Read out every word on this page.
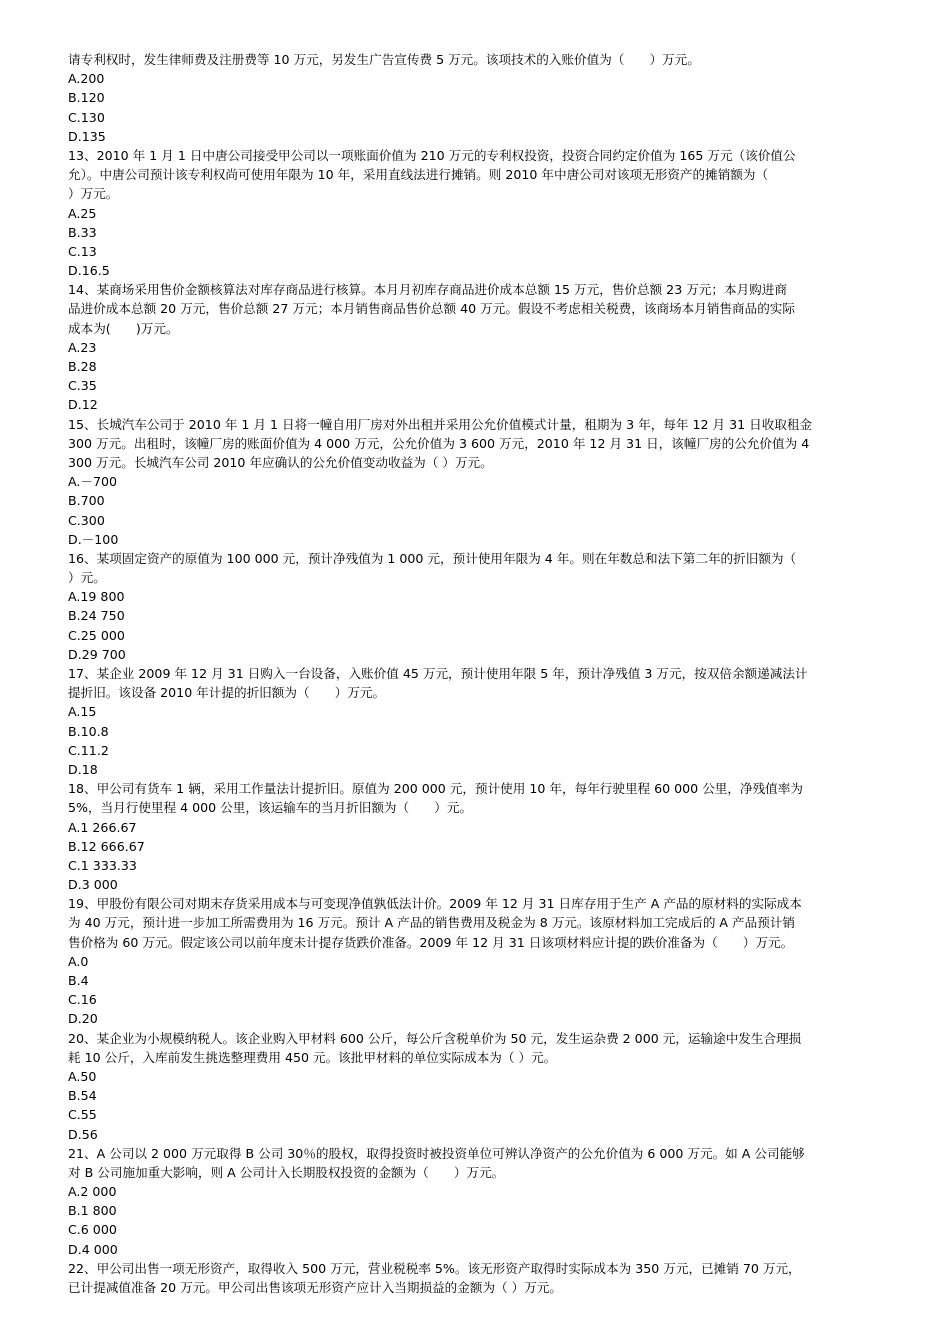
请专利权时，发生律师费及注册费等 10 万元，另发生广告宣传费 5 万元。该项技术的入账价值为（　　）万元。
A.200
B.120
C.130
D.135
13、2010 年 1 月 1 日中唐公司接受甲公司以一项账面价值为 210 万元的专利权投资，投资合同约定价值为 165 万元（该价值公
允）。中唐公司预计该专利权尚可使用年限为 10 年，采用直线法进行摊销。则 2010 年中唐公司对该项无形资产的摊销额为（
）万元。
A.25
B.33
C.13
D.16.5
14、某商场采用售价金额核算法对库存商品进行核算。本月月初库存商品进价成本总额 15 万元，售价总额 23 万元；本月购进商
品进价成本总额 20 万元，售价总额 27 万元；本月销售商品售价总额 40 万元。假设不考虑相关税费，该商场本月销售商品的实际
成本为(　　)万元。
A.23
B.28
C.35
D.12
15、长城汽车公司于 2010 年 1 月 1 日将一幢自用厂房对外出租并采用公允价值模式计量，租期为 3 年，每年 12 月 31 日收取租金
300 万元。出租时，该幢厂房的账面价值为 4 000 万元，公允价值为 3 600 万元，2010 年 12 月 31 日，该幢厂房的公允价值为 4
300 万元。长城汽车公司 2010 年应确认的公允价值变动收益为（ ）万元。
A.－700
B.700
C.300
D.－100
16、某项固定资产的原值为 100 000 元，预计净残值为 1 000 元，预计使用年限为 4 年。则在年数总和法下第二年的折旧额为（
）元。
A.19 800
B.24 750
C.25 000
D.29 700
17、某企业 2009 年 12 月 31 日购入一台设备，入账价值 45 万元，预计使用年限 5 年，预计净残值 3 万元，按双倍余额递减法计
提折旧。该设备 2010 年计提的折旧额为（　　）万元。
A.15
B.10.8
C.11.2
D.18
18、甲公司有货车 1 辆，采用工作量法计提折旧。原值为 200 000 元，预计使用 10 年，每年行驶里程 60 000 公里，净残值率为
5%，当月行使里程 4 000 公里，该运输车的当月折旧额为（　　）元。
A.1 266.67
B.12 666.67
C.1 333.33
D.3 000
19、甲股份有限公司对期末存货采用成本与可变现净值孰低法计价。2009 年 12 月 31 日库存用于生产 A 产品的原材料的实际成本
为 40 万元，预计进一步加工所需费用为 16 万元。预计 A 产品的销售费用及税金为 8 万元。该原材料加工完成后的 A 产品预计销
售价格为 60 万元。假定该公司以前年度未计提存货跌价准备。2009 年 12 月 31 日该项材料应计提的跌价准备为（　　）万元。
A.0
B.4
C.16
D.20
20、某企业为小规模纳税人。该企业购入甲材料 600 公斤，每公斤含税单价为 50 元，发生运杂费 2 000 元，运输途中发生合理损
耗 10 公斤，入库前发生挑选整理费用 450 元。该批甲材料的单位实际成本为（ ）元。
A.50
B.54
C.55
D.56
21、A 公司以 2 000 万元取得 B 公司 30％的股权，取得投资时被投资单位可辨认净资产的公允价值为 6 000 万元。如 A 公司能够
对 B 公司施加重大影响，则 A 公司计入长期股权投资的金额为（　　）万元。
A.2 000
B.1 800
C.6 000
D.4 000
22、甲公司出售一项无形资产，取得收入 500 万元，营业税税率 5%。该无形资产取得时实际成本为 350 万元，已摊销 70 万元，
已计提减值准备 20 万元。甲公司出售该项无形资产应计入当期损益的金额为（ ）万元。
